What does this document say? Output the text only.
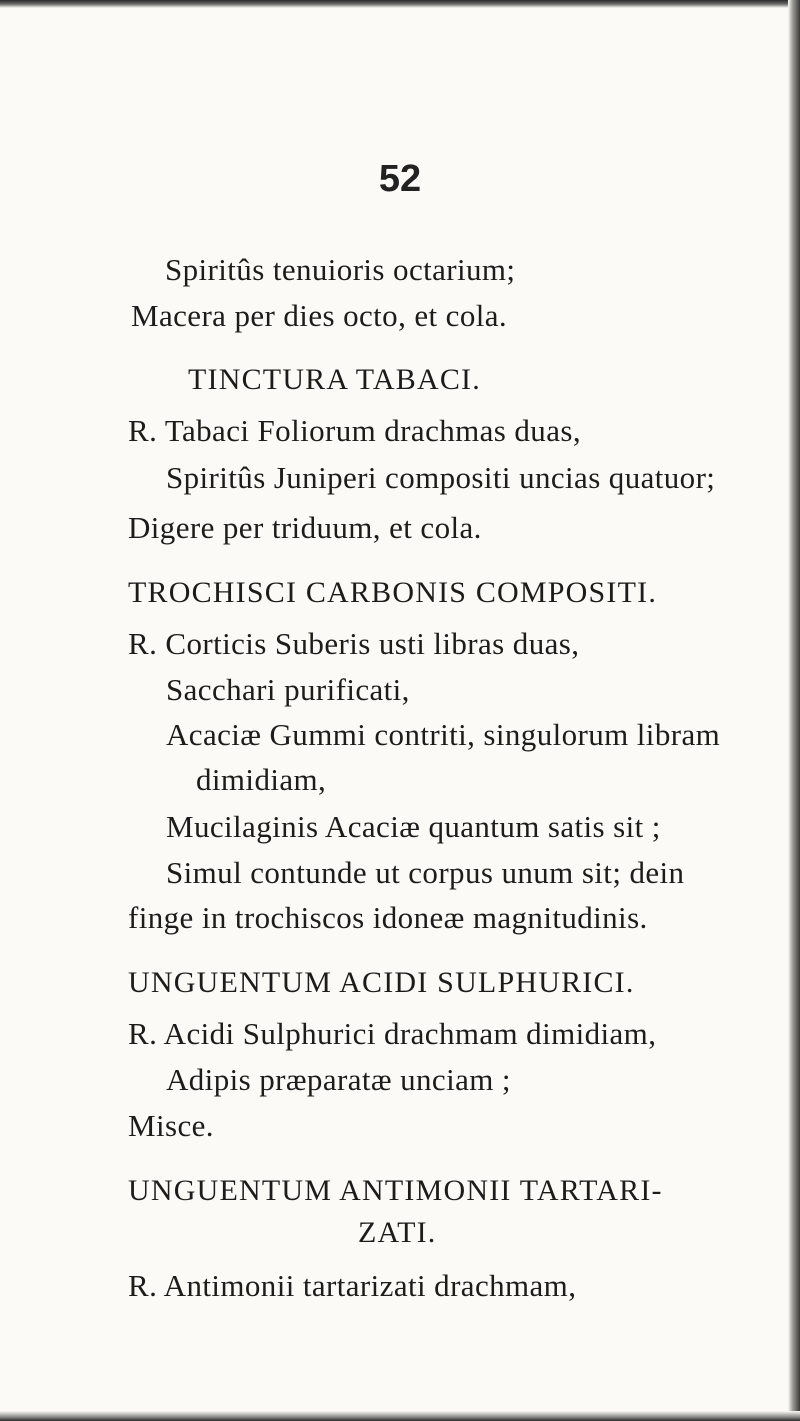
52
Spiritûs tenuioris octarium;
Macera per dies octo, et cola.
TINCTURA TABACI.
R. Tabaci Foliorum drachmas duas,
Spiritûs Juniperi compositi uncias quatuor;
Digere per triduum, et cola.
TROCHISCI CARBONIS COMPOSITI.
R. Corticis Suberis usti libras duas,
Sacchari purificati,
Acaciæ Gummi contriti, singulorum libram
dimidiam,
Mucilaginis Acaciæ quantum satis sit ;
Simul contunde ut corpus unum sit; dein
finge in trochiscos idoneæ magnitudinis.
UNGUENTUM ACIDI SULPHURICI.
R. Acidi Sulphurici drachmam dimidiam,
Adipis præparatæ unciam ;
Misce.
UNGUENTUM ANTIMONII TARTARI-
ZATI.
R. Antimonii tartarizati drachmam,
